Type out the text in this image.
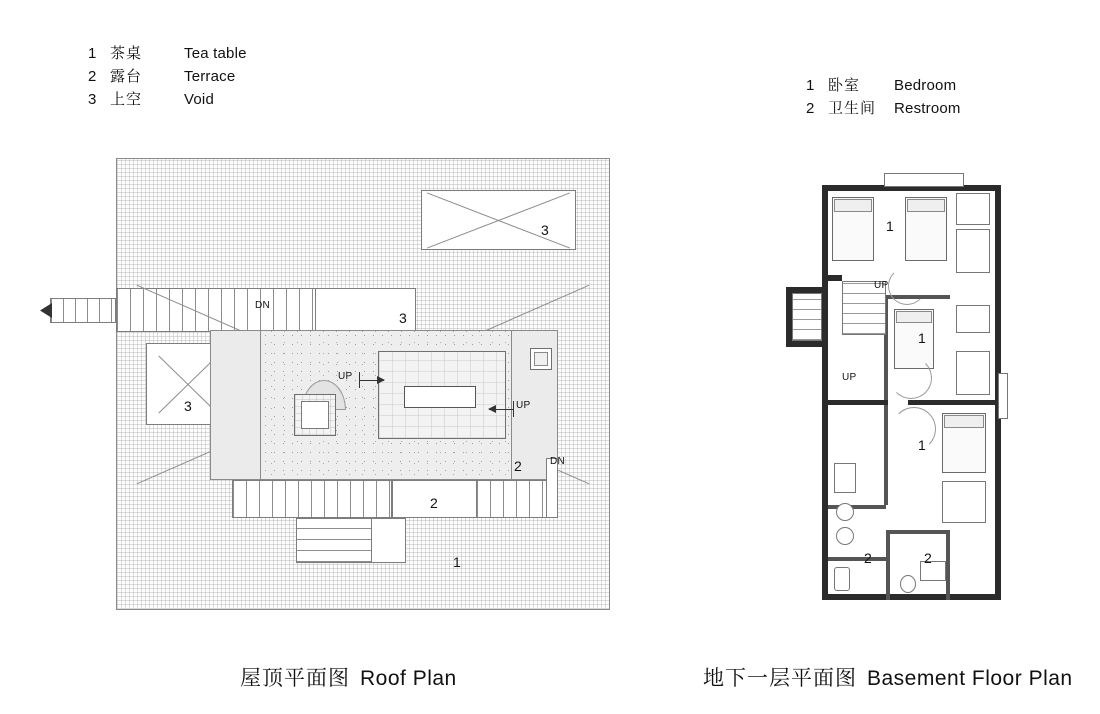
1 茶桌	Tea table
2 露台	Terrace
3 上空	Void
1 卧室	Bedroom
2 卫生间	Restroom
3
3
3
1
2
2
DN
DN
UP
UP
屋顶平面图 Roof Plan
1
1
1
2	2
UP
UP
地下一层平面图 Basement Floor Plan
